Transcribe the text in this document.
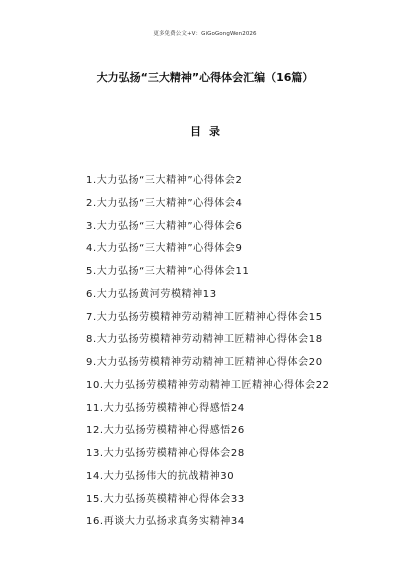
更多免费公文+V：GiGoGongWen2026
大力弘扬“三大精神”心得体会汇编（16篇）
目录
1.大力弘扬“三大精神”心得体会2
2.大力弘扬“三大精神”心得体会4
3.大力弘扬“三大精神”心得体会6
4.大力弘扬“三大精神”心得体会9
5.大力弘扬“三大精神”心得体会11
6.大力弘扬黄河劳模精神13
7.大力弘扬劳模精神劳动精神工匠精神心得体会15
8.大力弘扬劳模精神劳动精神工匠精神心得体会18
9.大力弘扬劳模精神劳动精神工匠精神心得体会20
10.大力弘扬劳模精神劳动精神工匠精神心得体会22
11.大力弘扬劳模精神心得感悟24
12.大力弘扬劳模精神心得感悟26
13.大力弘扬劳模精神心得体会28
14.大力弘扬伟大的抗战精神30
15.大力弘扬英模精神心得体会33
16.再谈大力弘扬求真务实精神34
